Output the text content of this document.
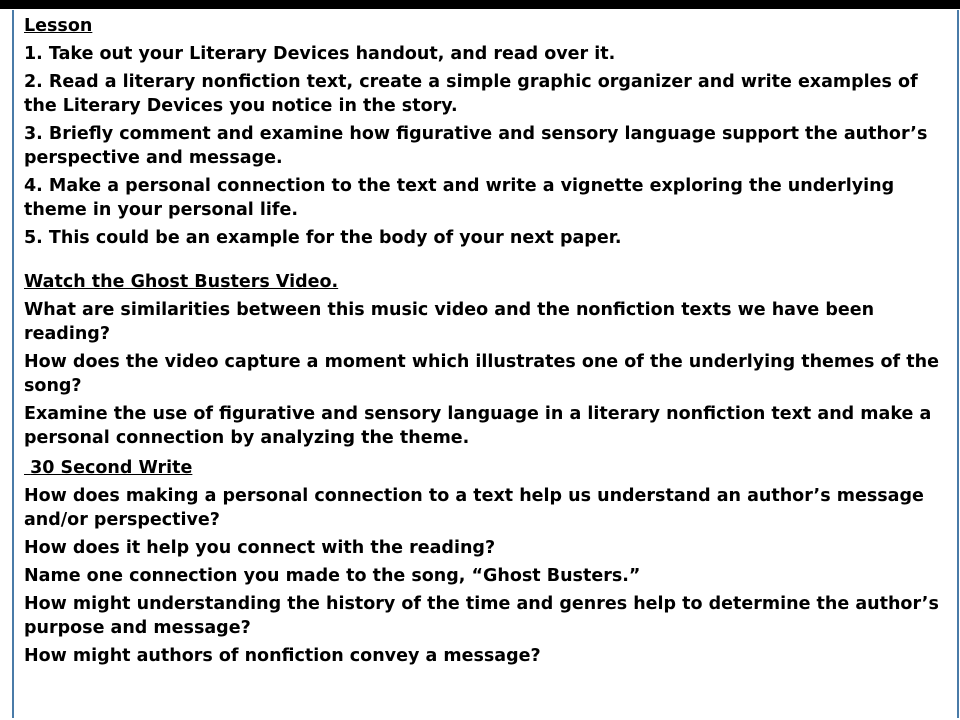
Lesson

1. Take out your Literary Devices handout, and read over it.

2. Read a literary nonfiction text, create a simple graphic organizer and write examples of the Literary Devices you notice in the story.

3. Briefly comment and examine how figurative and sensory language support the author’s perspective and message.

4. Make a personal connection to the text and write a vignette exploring the underlying theme in your personal life.

5. This could be an example for the body of your next paper.

Watch the Ghost Busters Video.

What are similarities between this music video and the nonfiction texts we have been reading?

How does the video capture a moment which illustrates one of the underlying themes of the song?

Examine the use of figurative and sensory language in a literary nonfiction text and make a personal connection by analyzing the theme.

30 Second Write

How does making a personal connection to a text help us understand an author’s message and/or perspective?

How does it help you connect with the reading?

Name one connection you made to the song, “Ghost Busters.”

How might understanding the history of the time and genres help to determine the author’s purpose and message?

How might authors of nonfiction convey a message?
